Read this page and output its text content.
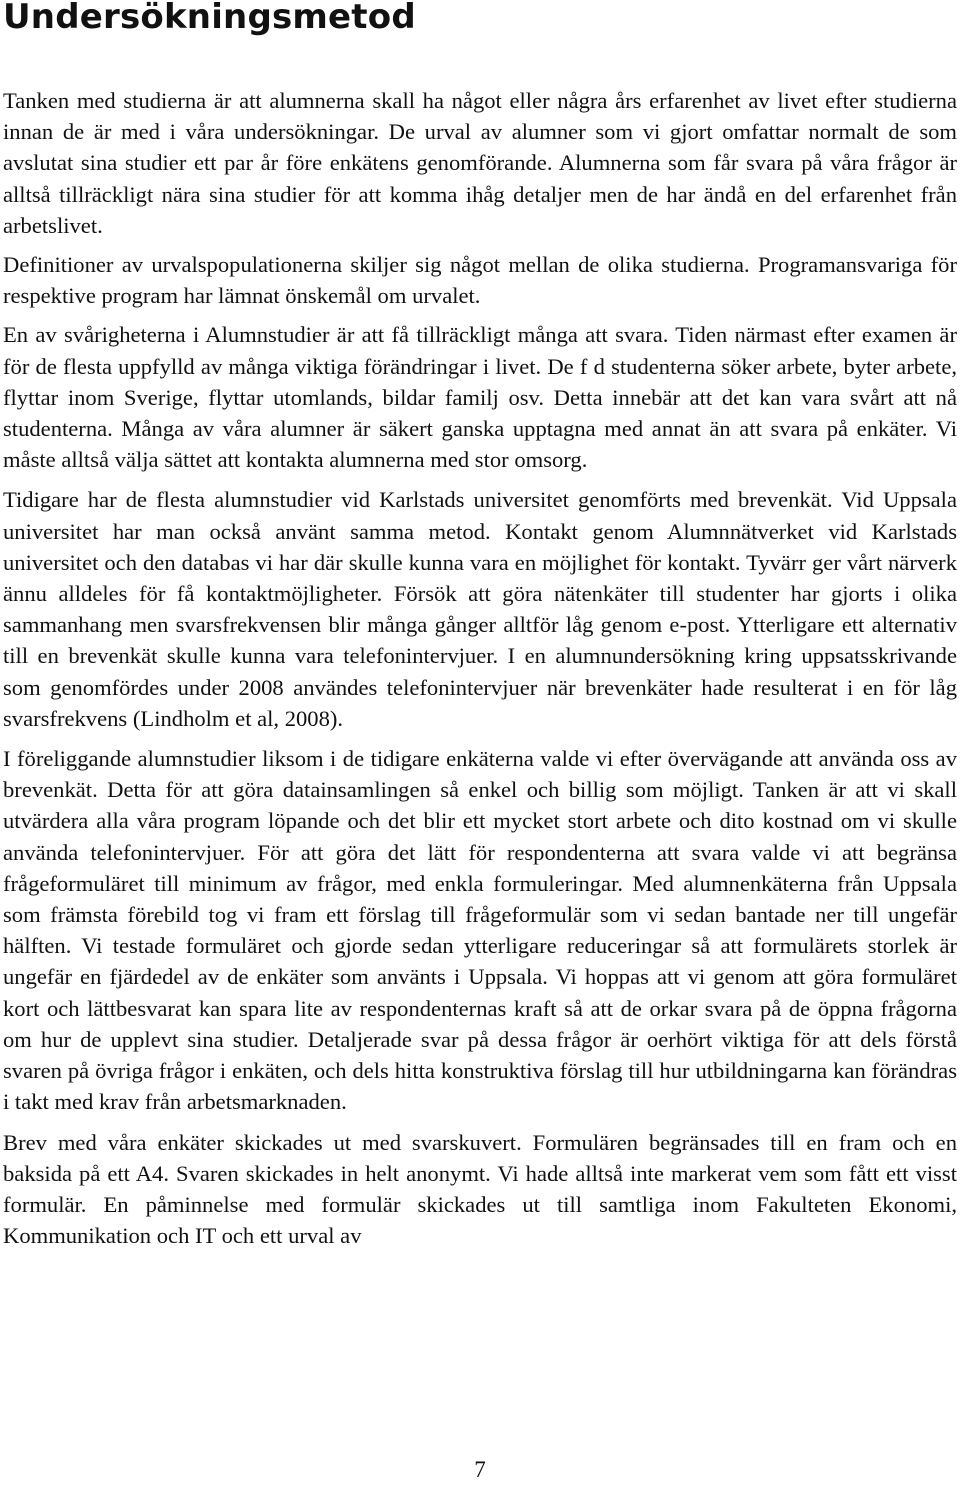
Undersökningsmetod

Tanken med studierna är att alumnerna skall ha något eller några års erfarenhet av livet efter studierna innan de är med i våra undersökningar. De urval av alumner som vi gjort omfattar normalt de som avslutat sina studier ett par år före enkätens genomförande. Alumnerna som får svara på våra frågor är alltså tillräckligt nära sina studier för att komma ihåg detaljer men de har ändå en del erfarenhet från arbetslivet.

Definitioner av urvalspopulationerna skiljer sig något mellan de olika studierna. Programansvariga för respektive program har lämnat önskemål om urvalet.

En av svårigheterna i Alumnstudier är att få tillräckligt många att svara. Tiden närmast efter examen är för de flesta uppfylld av många viktiga förändringar i livet. De f d studenterna söker arbete, byter arbete, flyttar inom Sverige, flyttar utomlands, bildar familj osv. Detta innebär att det kan vara svårt att nå studenterna. Många av våra alumner är säkert ganska upptagna med annat än att svara på enkäter. Vi måste alltså välja sättet att kontakta alumnerna med stor omsorg.

Tidigare har de flesta alumnstudier vid Karlstads universitet genomförts med brevenkät. Vid Uppsala universitet har man också använt samma metod. Kontakt genom Alumnnätverket vid Karlstads universitet och den databas vi har där skulle kunna vara en möjlighet för kontakt. Tyvärr ger vårt närverk ännu alldeles för få kontaktmöjligheter. Försök att göra nätenkäter till studenter har gjorts i olika sammanhang men svarsfrekvensen blir många gånger alltför låg genom e-post. Ytterligare ett alternativ till en brevenkät skulle kunna vara telefonintervjuer. I en alumnundersökning kring uppsatsskrivande som genomfördes under 2008 användes telefonintervjuer när brevenkäter hade resulterat i en för låg svarsfrekvens (Lindholm et al, 2008).

I föreliggande alumnstudier liksom i de tidigare enkäterna valde vi efter övervägande att använda oss av brevenkät. Detta för att göra datainsamlingen så enkel och billig som möjligt. Tanken är att vi skall utvärdera alla våra program löpande och det blir ett mycket stort arbete och dito kostnad om vi skulle använda telefonintervjuer. För att göra det lätt för respondenterna att svara valde vi att begränsa frågeformuläret till minimum av frågor, med enkla formuleringar. Med alumnenkäterna från Uppsala som främsta förebild tog vi fram ett förslag till frågeformulär som vi sedan bantade ner till ungefär hälften. Vi testade formuläret och gjorde sedan ytterligare reduceringar så att formulärets storlek är ungefär en fjärdedel av de enkäter som använts i Uppsala. Vi hoppas att vi genom att göra formuläret kort och lättbesvarat kan spara lite av respondenternas kraft så att de orkar svara på de öppna frågorna om hur de upplevt sina studier. Detaljerade svar på dessa frågor är oerhört viktiga för att dels förstå svaren på övriga frågor i enkäten, och dels hitta konstruktiva förslag till hur utbildningarna kan förändras i takt med krav från arbetsmarknaden.

Brev med våra enkäter skickades ut med svarskuvert. Formulären begränsades till en fram och en baksida på ett A4. Svaren skickades in helt anonymt. Vi hade alltså inte markerat vem som fått ett visst formulär. En påminnelse med formulär skickades ut till samtliga inom Fakulteten Ekonomi, Kommunikation och IT och ett urval av

7
